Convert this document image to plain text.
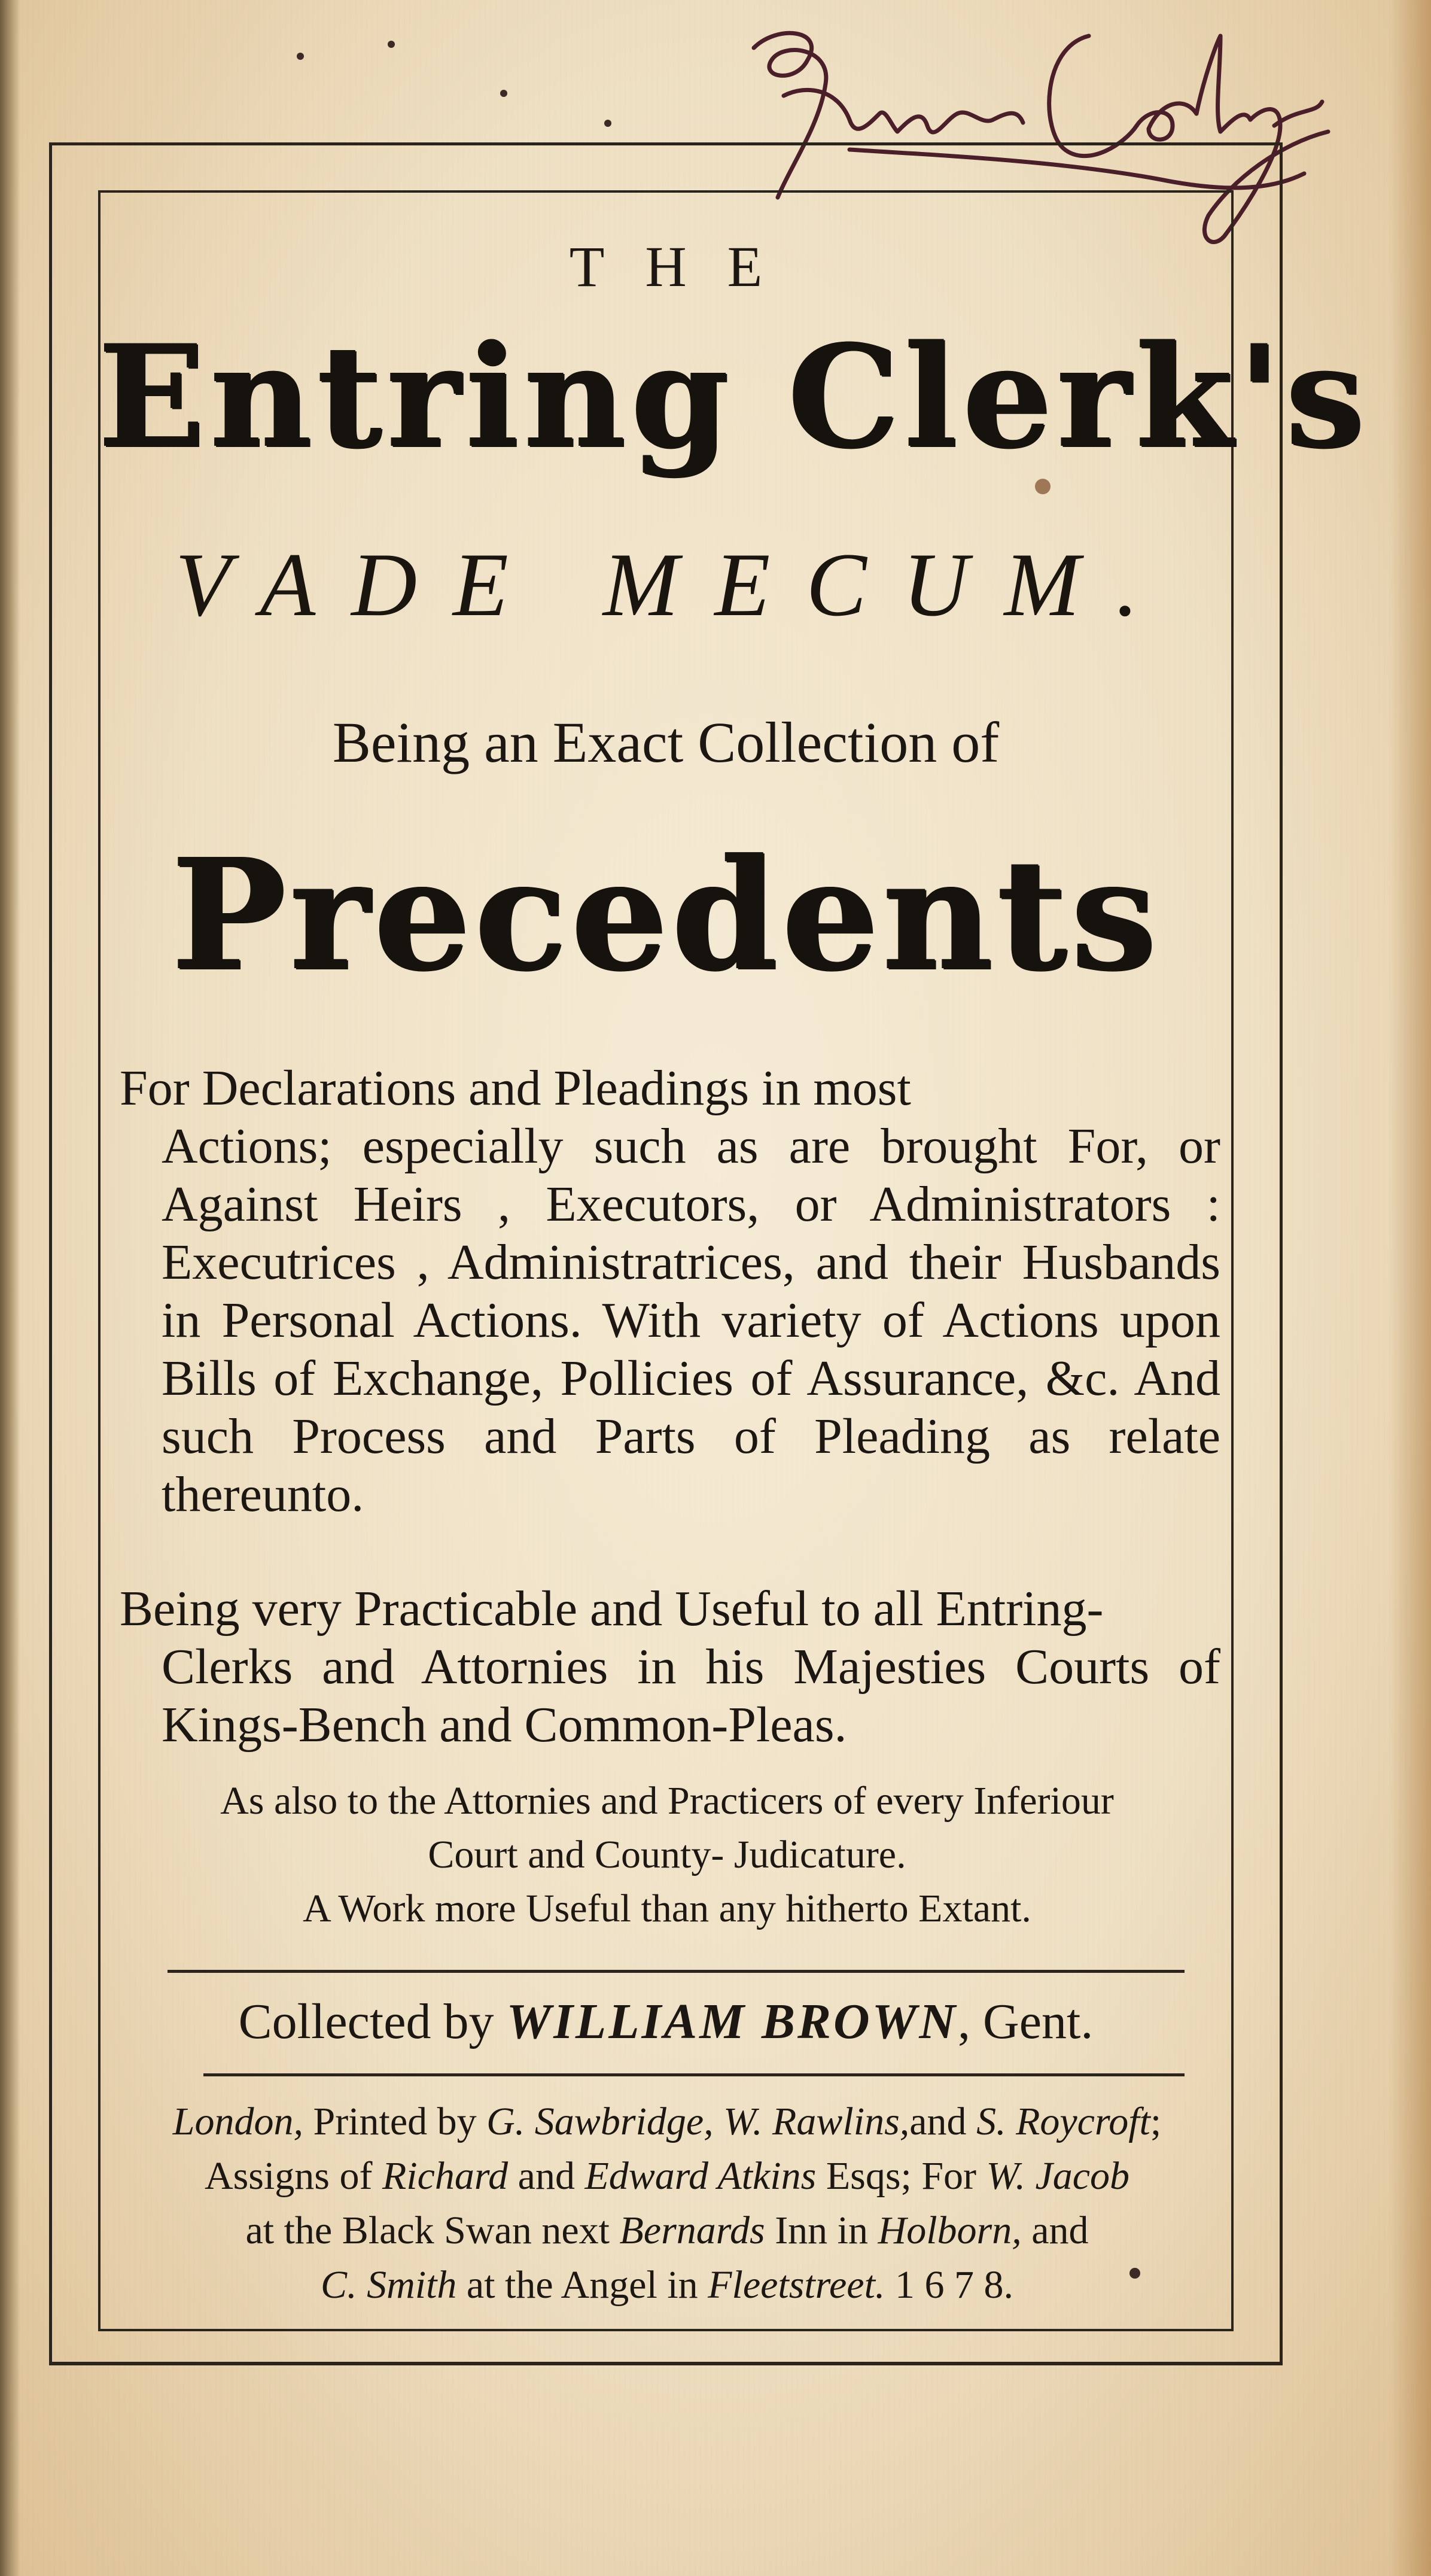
THE

Entring Clerk's

VADE MECUM.

Being an Exact Collection of

Precedents

For Declarations and Pleadings in most
Actions; especially such as are brought For, or Against Heirs , Executors, or Administrators : Executrices , Administratrices, and their Husbands in Personal Actions. With variety of Actions upon Bills of Exchange, Pollicies of Assurance, &c. And such Process and Parts of Pleading as relate thereunto.

Being very Practicable and Useful to all Entring-
Clerks and Attornies in his Majesties Courts of Kings-Bench and Common-Pleas.

As also to the Attornies and Practicers of every Inferiour
Court and County- Judicature.
A Work more Useful than any hitherto Extant.

Collected by WILLIAM BROWN, Gent.

London, Printed by G. Sawbridge, W. Rawlins,and S. Roycroft;
Assigns of Richard and Edward Atkins Esqs; For W. Jacob
at the Black Swan next Bernards Inn in Holborn, and
C. Smith at the Angel in Fleetstreet. 1 6 7 8.
